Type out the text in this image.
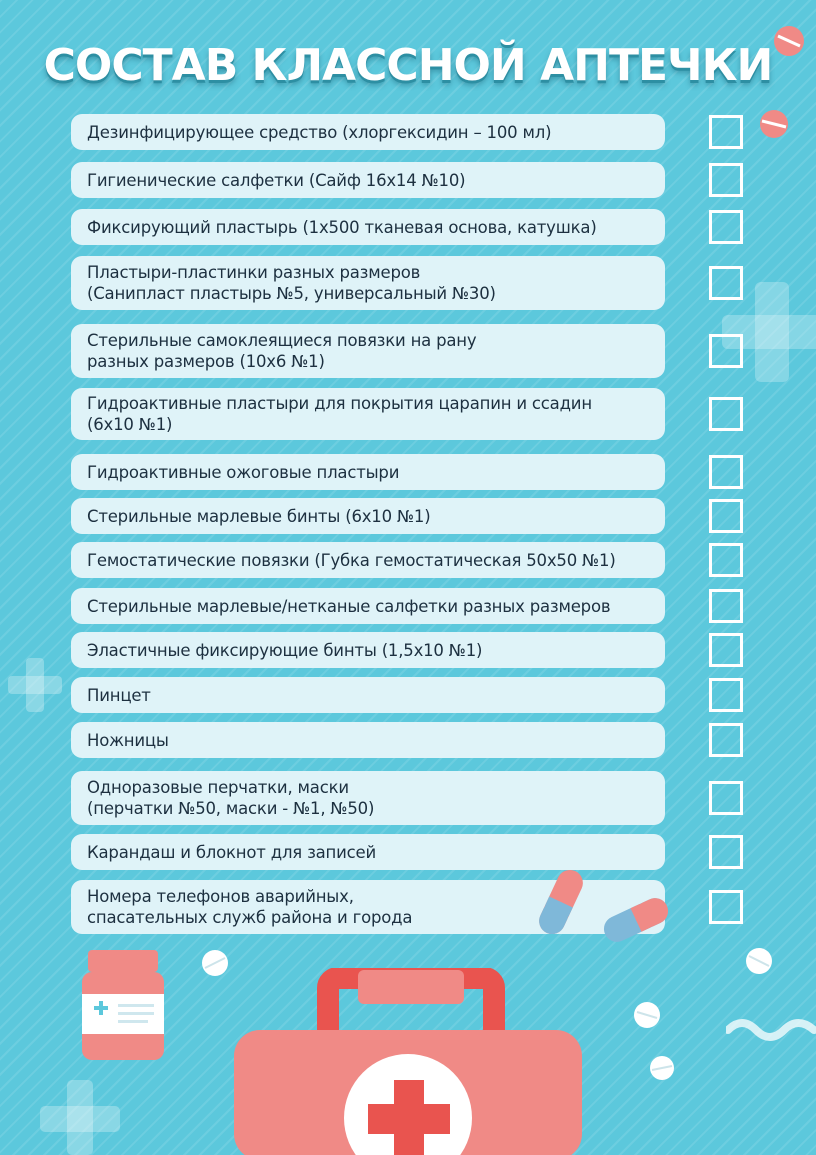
СОСТАВ КЛАССНОЙ АПТЕЧКИ
Дезинфицирующее средство (хлоргексидин – 100 мл)
Гигиенические салфетки (Сайф 16х14 №10)
Фиксирующий пластырь (1х500 тканевая основа, катушка)
Пластыри-пластинки разных размеров
(Санипласт пластырь №5, универсальный №30)
Стерильные самоклеящиеся повязки на рану
разных размеров (10х6 №1)
Гидроактивные пластыри для покрытия царапин и ссадин
(6х10 №1)
Гидроактивные ожоговые пластыри
Стерильные марлевые бинты (6х10 №1)
Гемостатические повязки (Губка гемостатическая 50х50 №1)
Стерильные марлевые/нетканые салфетки разных размеров
Эластичные фиксирующие бинты (1,5х10 №1)
Пинцет
Ножницы
Одноразовые перчатки, маски
(перчатки №50, маски - №1, №50)
Карандаш и блокнот для записей
Номера телефонов аварийных,
спасательных служб района и города
